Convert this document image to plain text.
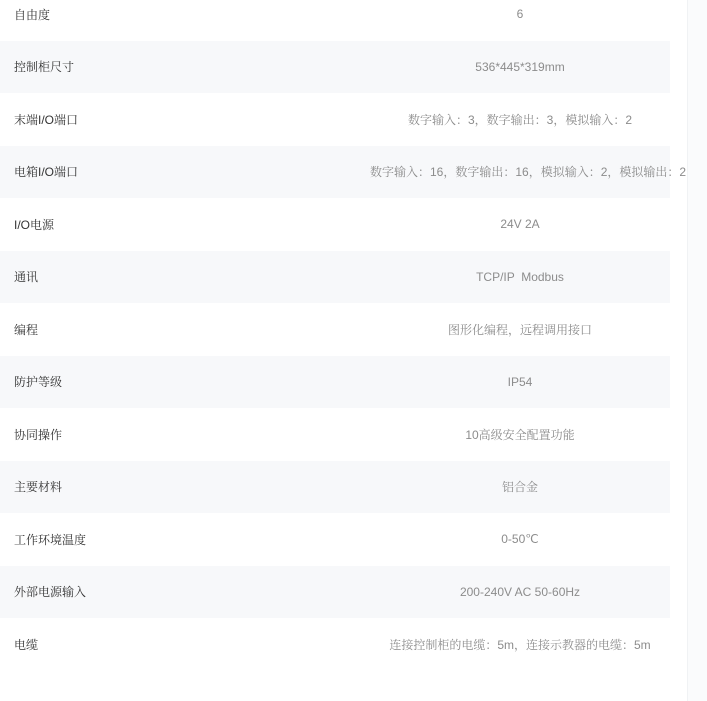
自由度	6
控制柜尺寸	536*445*319mm
末端I/O端口	数字输入：3，数字输出：3，模拟输入：2
电箱I/O端口	数字输入：16，数字输出：16，模拟输入：2，模拟输出：2
I/O电源	24V 2A
通讯	TCP/IP  Modbus
编程	图形化编程，远程调用接口
防护等级	IP54
协同操作	10高级安全配置功能
主要材料	铝合金
工作环境温度	0-50℃
外部电源输入	200-240V AC 50-60Hz
电缆	连接控制柜的电缆：5m，连接示教器的电缆：5m
